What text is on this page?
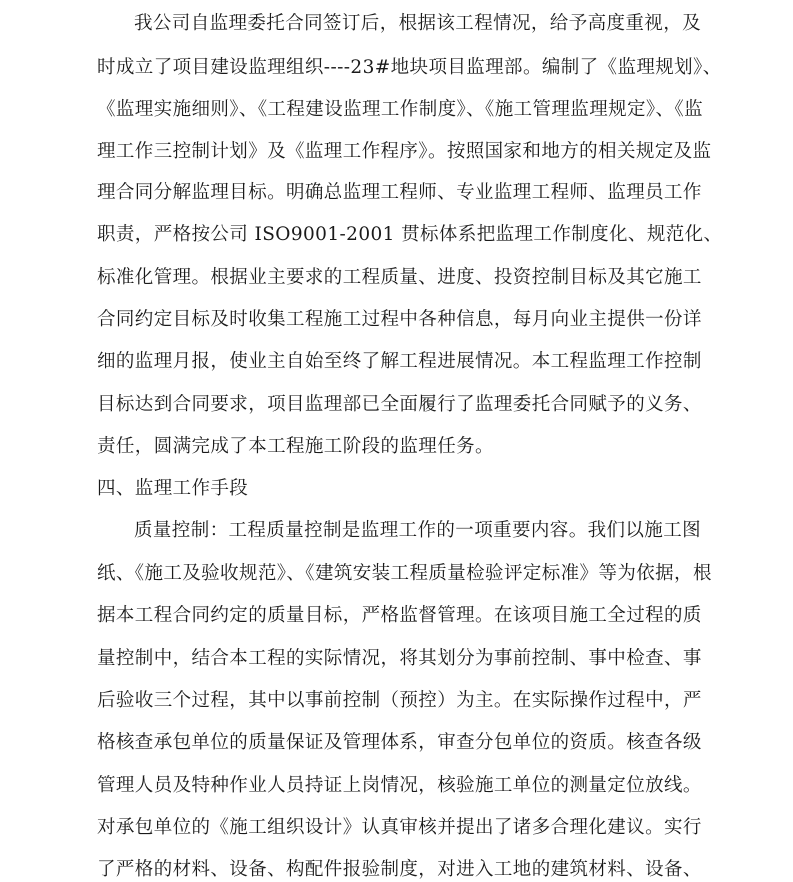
我公司自监理委托合同签订后，根据该工程情况，给予高度重视，及
时成立了项目建设监理组织----23#地块项目监理部。编制了《监理规划》、
《监理实施细则》、《工程建设监理工作制度》、《施工管理监理规定》、《监
理工作三控制计划》及《监理工作程序》。按照国家和地方的相关规定及监
理合同分解监理目标。明确总监理工程师、专业监理工程师、监理员工作
职责，严格按公司 ISO9001-2001 贯标体系把监理工作制度化、规范化、
标准化管理。根据业主要求的工程质量、进度、投资控制目标及其它施工
合同约定目标及时收集工程施工过程中各种信息，每月向业主提供一份详
细的监理月报，使业主自始至终了解工程进展情况。本工程监理工作控制
目标达到合同要求，项目监理部已全面履行了监理委托合同赋予的义务、
责任，圆满完成了本工程施工阶段的监理任务。
四、监理工作手段
质量控制：工程质量控制是监理工作的一项重要内容。我们以施工图
纸、《施工及验收规范》、《建筑安装工程质量检验评定标准》等为依据，根
据本工程合同约定的质量目标，严格监督管理。在该项目施工全过程的质
量控制中，结合本工程的实际情况，将其划分为事前控制、事中检查、事
后验收三个过程，其中以事前控制（预控）为主。在实际操作过程中，严
格核查承包单位的质量保证及管理体系，审查分包单位的资质。核查各级
管理人员及特种作业人员持证上岗情况，核验施工单位的测量定位放线。
对承包单位的《施工组织设计》认真审核并提出了诸多合理化建议。实行
了严格的材料、设备、构配件报验制度，对进入工地的建筑材料、设备、
